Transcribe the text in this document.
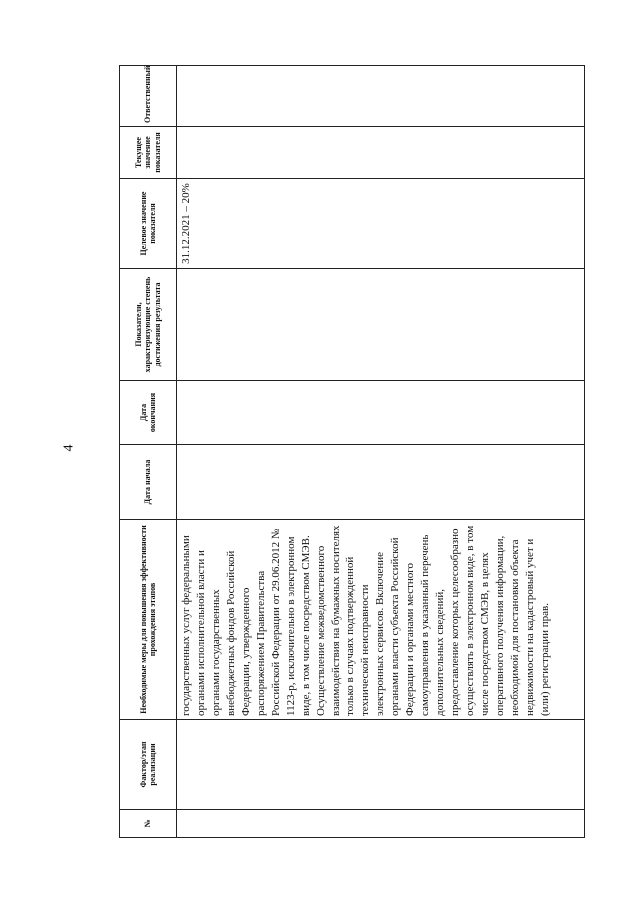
4
№	Фактор/этап реализации	Необходимые меры для повышения эффективности прохождения этапов	Дата начала	Дата окончания	Показатели, характеризующие степень достижения результата	Целевое значение показателя	Текущее значение показателя	Ответственный
		государственных услуг федеральными органами исполнительной власти и органами государственных внебюджетных фондов Российской Федерации, утвержденного распоряжением Правительства Российской Федерации от 29.06.2012 № 1123-р, исключительно в электронном виде, в том числе посредством СМЭВ. Осуществление межведомственного взаимодействия на бумажных носителях только в случаях подтвержденной технической неисправности электронных сервисов. Включение органами власти субъекта Российской Федерации и органами местного самоуправления в указанный перечень дополнительных сведений, предоставление которых целесообразно осуществлять в электронном виде, в том числе посредством СМЭВ, в целях оперативного получения информации, необходимой для постановки объекта недвижимости на кадастровый учет и (или) регистрации прав.				31.12.2021 – 20%		
